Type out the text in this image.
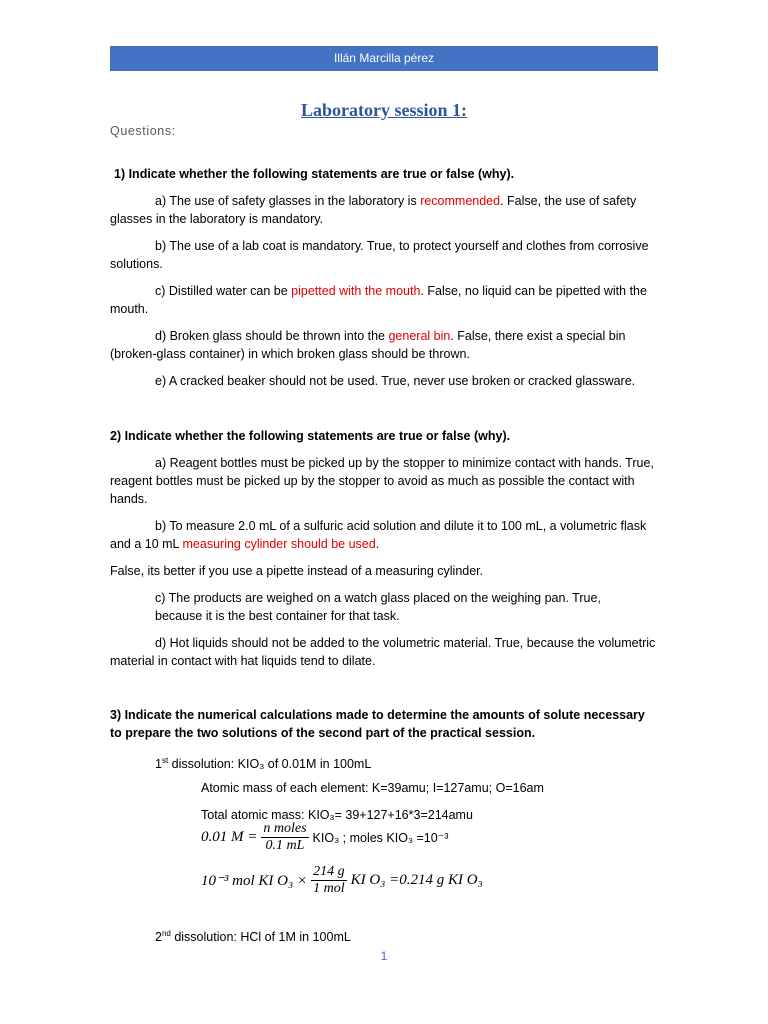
Illán Marcilla pérez
Laboratory session 1:
Questions:

1) Indicate whether the following statements are true or false (why).

a) The use of safety glasses in the laboratory is recommended. False, the use of safety glasses in the laboratory is mandatory.

b) The use of a lab coat is mandatory. True, to protect yourself and clothes from corrosive solutions.

c) Distilled water can be pipetted with the mouth. False, no liquid can be pipetted with the mouth.

d) Broken glass should be thrown into the general bin. False, there exist a special bin (broken-glass container) in which broken glass should be thrown.

e) A cracked beaker should not be used. True, never use broken or cracked glassware.

2) Indicate whether the following statements are true or false (why).

a) Reagent bottles must be picked up by the stopper to minimize contact with hands. True, reagent bottles must be picked up by the stopper to avoid as much as possible the contact with hands.

b) To measure 2.0 mL of a sulfuric acid solution and dilute it to 100 mL, a volumetric flask and a 10 mL measuring cylinder should be used.

False, its better if you use a pipette instead of a measuring cylinder.

c) The products are weighed on a watch glass placed on the weighing pan. True, because it is the best container for that task.

d) Hot liquids should not be added to the volumetric material. True, because the volumetric material in contact with hat liquids tend to dilate.

3) Indicate the numerical calculations made to determine the amounts of solute necessary to prepare the two solutions of the second part of the practical session.

1st dissolution: KIO₃ of 0.01M in 100mL

Atomic mass of each element: K=39amu; I=127amu; O=16am

Total atomic mass: KIO₃= 39+127+16*3=214amu

0.01 $M = \frac{\text{n moles}}{0.1 mL} KIO_3$ ; moles KIO₃ =10⁻³
10⁻³ mol KI $O_3 \times \frac{214 g}{\text{1 mol}}$ KI O₃ =0.214 g KI O₃

2nd dissolution: HCl of 1M in 100mL

1
